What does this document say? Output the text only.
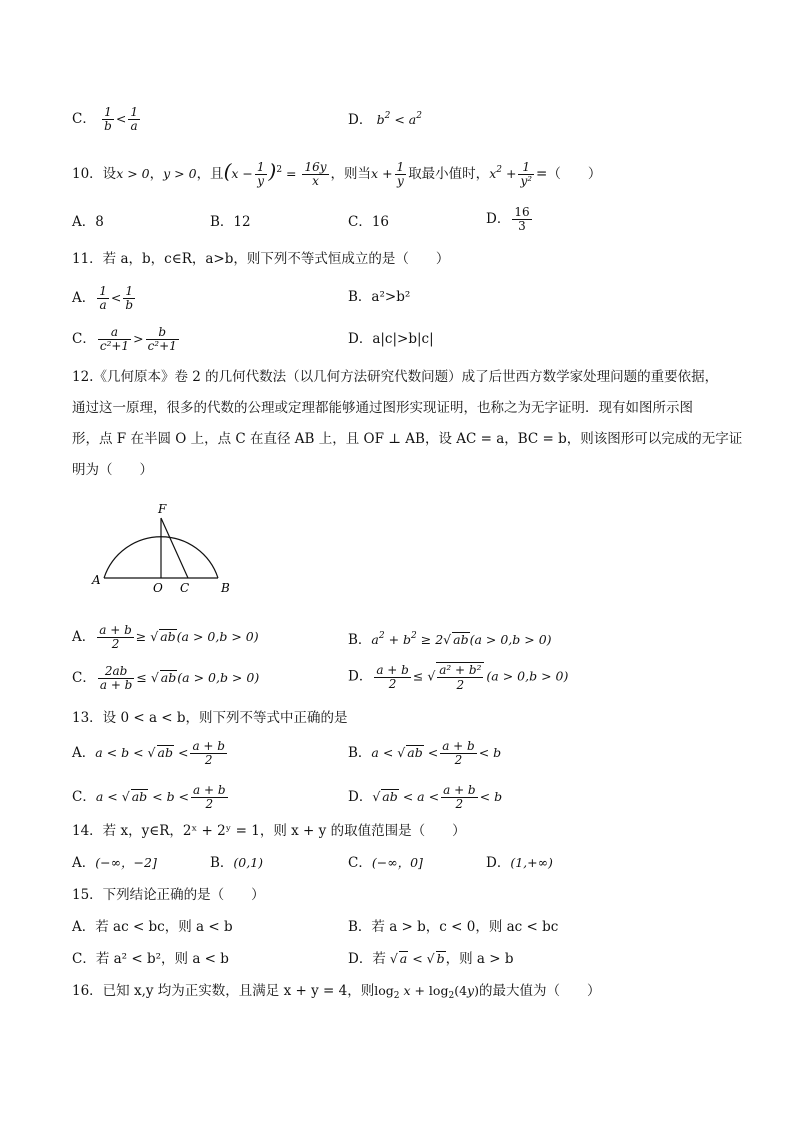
C． $\frac{1}{b} < \frac{1}{a}$	D． $b^2 < a^2$
10．设x > 0，y > 0，且$(x - \frac{1}{y} )^2 = \frac{16y}{x}$ ，则当$x + \frac{1}{y}$ 取最小值时，$x^2 + \frac{1}{\text{y²}}$ =（　　）
A．8	B．12	C．16	D． $\frac{16}{3}$
11．若 a，b，c∈R，a>b，则下列不等式恒成立的是（　　）
A． $\frac{1}{a} < \frac{1}{b}$	B．a²>b²
C． $\frac{a}{\text{c²+1}} > \frac{b}{\text{c²+1}}$	D．a|c|>b|c|
12.《几何原本》卷 2 的几何代数法（以几何方法研究代数问题）成了后世西方数学家处理问题的重要依据，
通过这一原理，很多的代数的公理或定理都能够通过图形实现证明，也称之为无字证明．现有如图所示图
形，点 F 在半圆 O 上，点 C 在直径 AB 上，且 OF ⊥ AB，设 AC = a，BC = b，则该图形可以完成的无字证
明为（　　）
A
B
O C
F
A． $\frac{a + b}{2}$ ≥ √ ab(a > 0,b > 0)	B．$a^2 + b^2 \ge 2√$ ab(a > 0,b > 0)
C． $\frac{2ab}{a + b}$ ≤ √ ab(a > 0,b > 0)	D． $\frac{a + b}{2}$ ≤ √ $\frac{\text{a² + b²}}{2} (a > 0,b > 0)$
13．设 0 < a < b，则下列不等式中正确的是
A．a < b < √ ab < $\frac{a + b}{2}$	B．a < √ ab < $\frac{a + b}{2} < b$
C．a < √ ab < $b < \frac{a + b}{2}$	D．√ ab < $a < \frac{a + b}{2} < b$
14．若 x，y∈R，2ˣ + 2ʸ = 1，则 x + y 的取值范围是（　　）
A．(−∞，−2]	B．(0,1)	C．(−∞，0]	D．(1,+∞)
15．下列结论正确的是（　　）
A．若 ac < bc，则 a < b	B．若 a > b，c < 0，则 ac < bc
C．若 a² < b²，则 a < b	D．若 √ a < √ b，则 a > b
16．已知 x,y 均为正实数，且满足 x + y = 4，则$\log_2 x + \log_2(4y)$的最大值为（　　）
